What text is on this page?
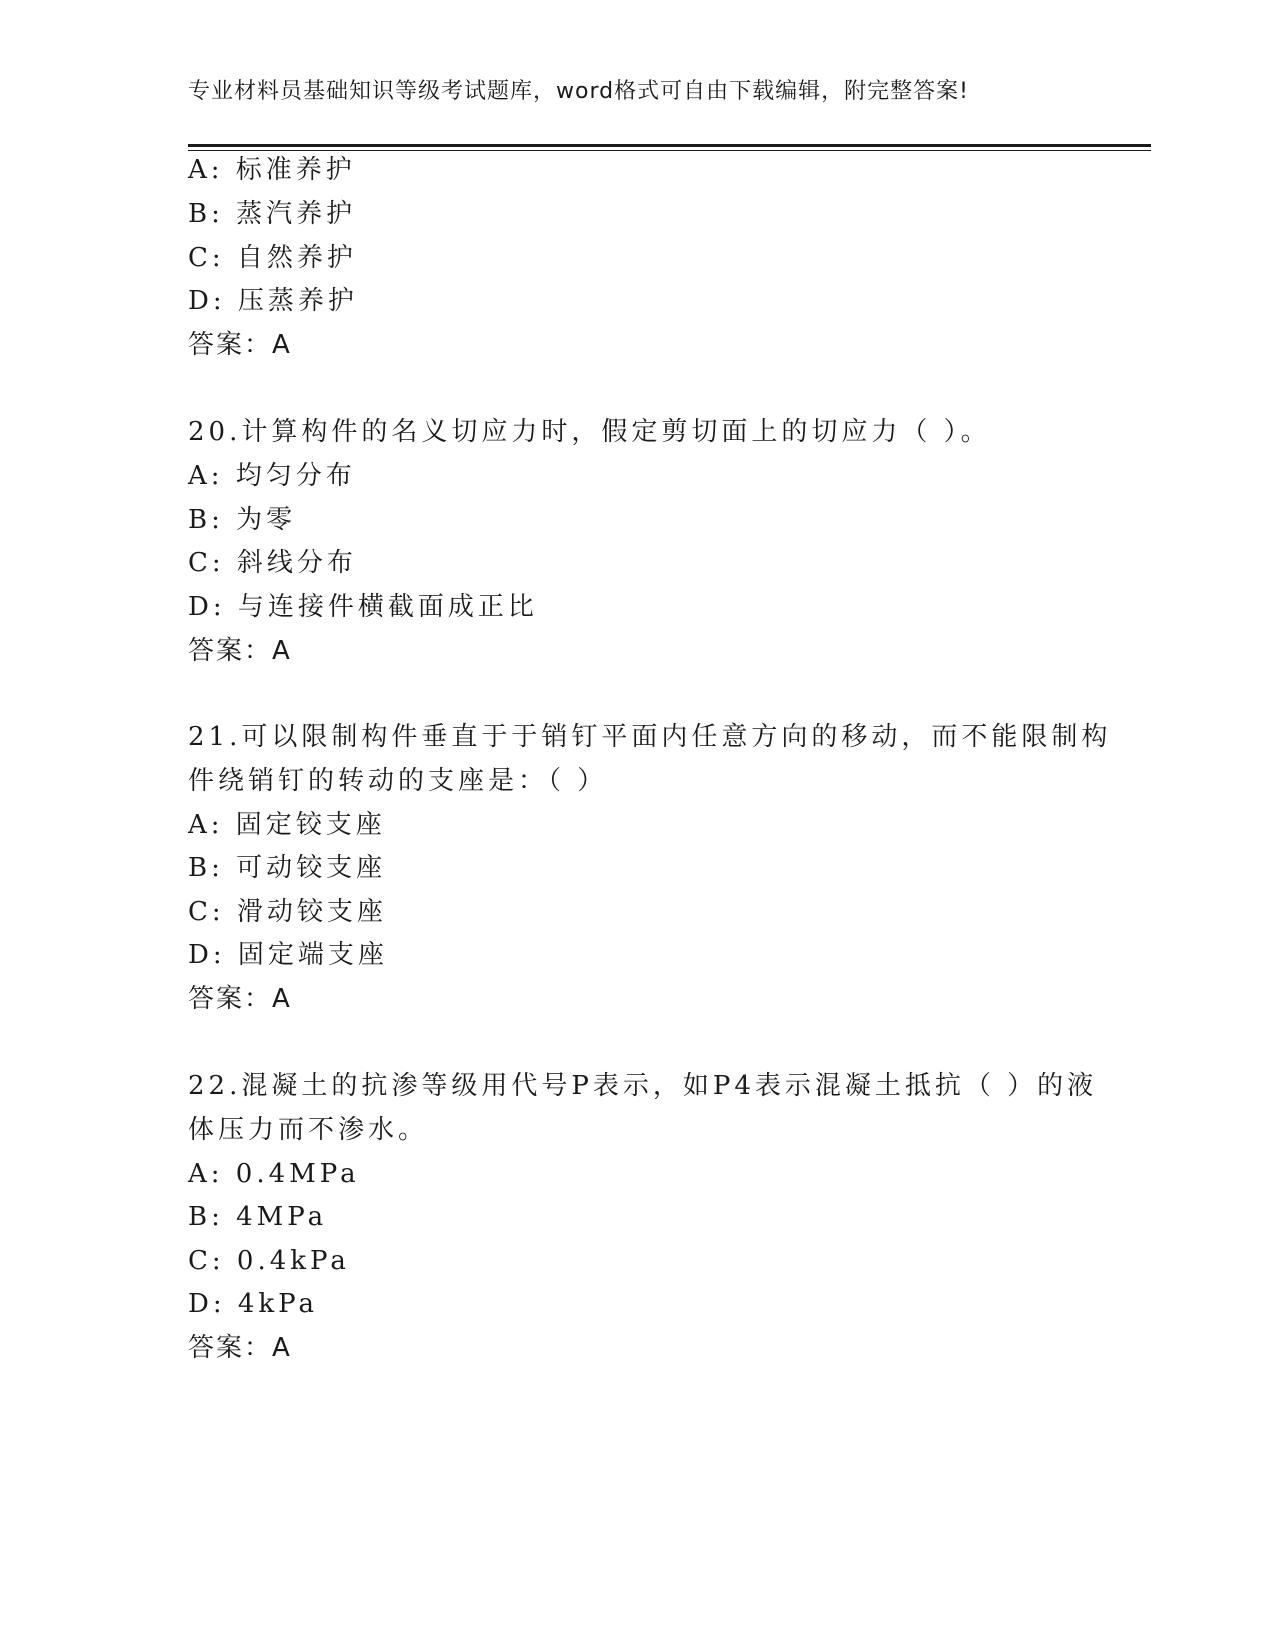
专业材料员基础知识等级考试题库，word格式可自由下载编辑，附完整答案!
A: 标准养护
B: 蒸汽养护
C: 自然养护
D: 压蒸养护
答案：A
20.计算构件的名义切应力时，假定剪切面上的切应力（ ）。
A: 均匀分布
B: 为零
C: 斜线分布
D: 与连接件横截面成正比
答案：A
21.可以限制构件垂直于于销钉平面内任意方向的移动，而不能限制构
件绕销钉的转动的支座是：（ ）
A: 固定铰支座
B: 可动铰支座
C: 滑动铰支座
D: 固定端支座
答案：A
22.混凝土的抗渗等级用代号P表示，如P4表示混凝土抵抗（ ）的液
体压力而不渗水。
A: 0.4MPa
B: 4MPa
C: 0.4kPa
D: 4kPa
答案：A
